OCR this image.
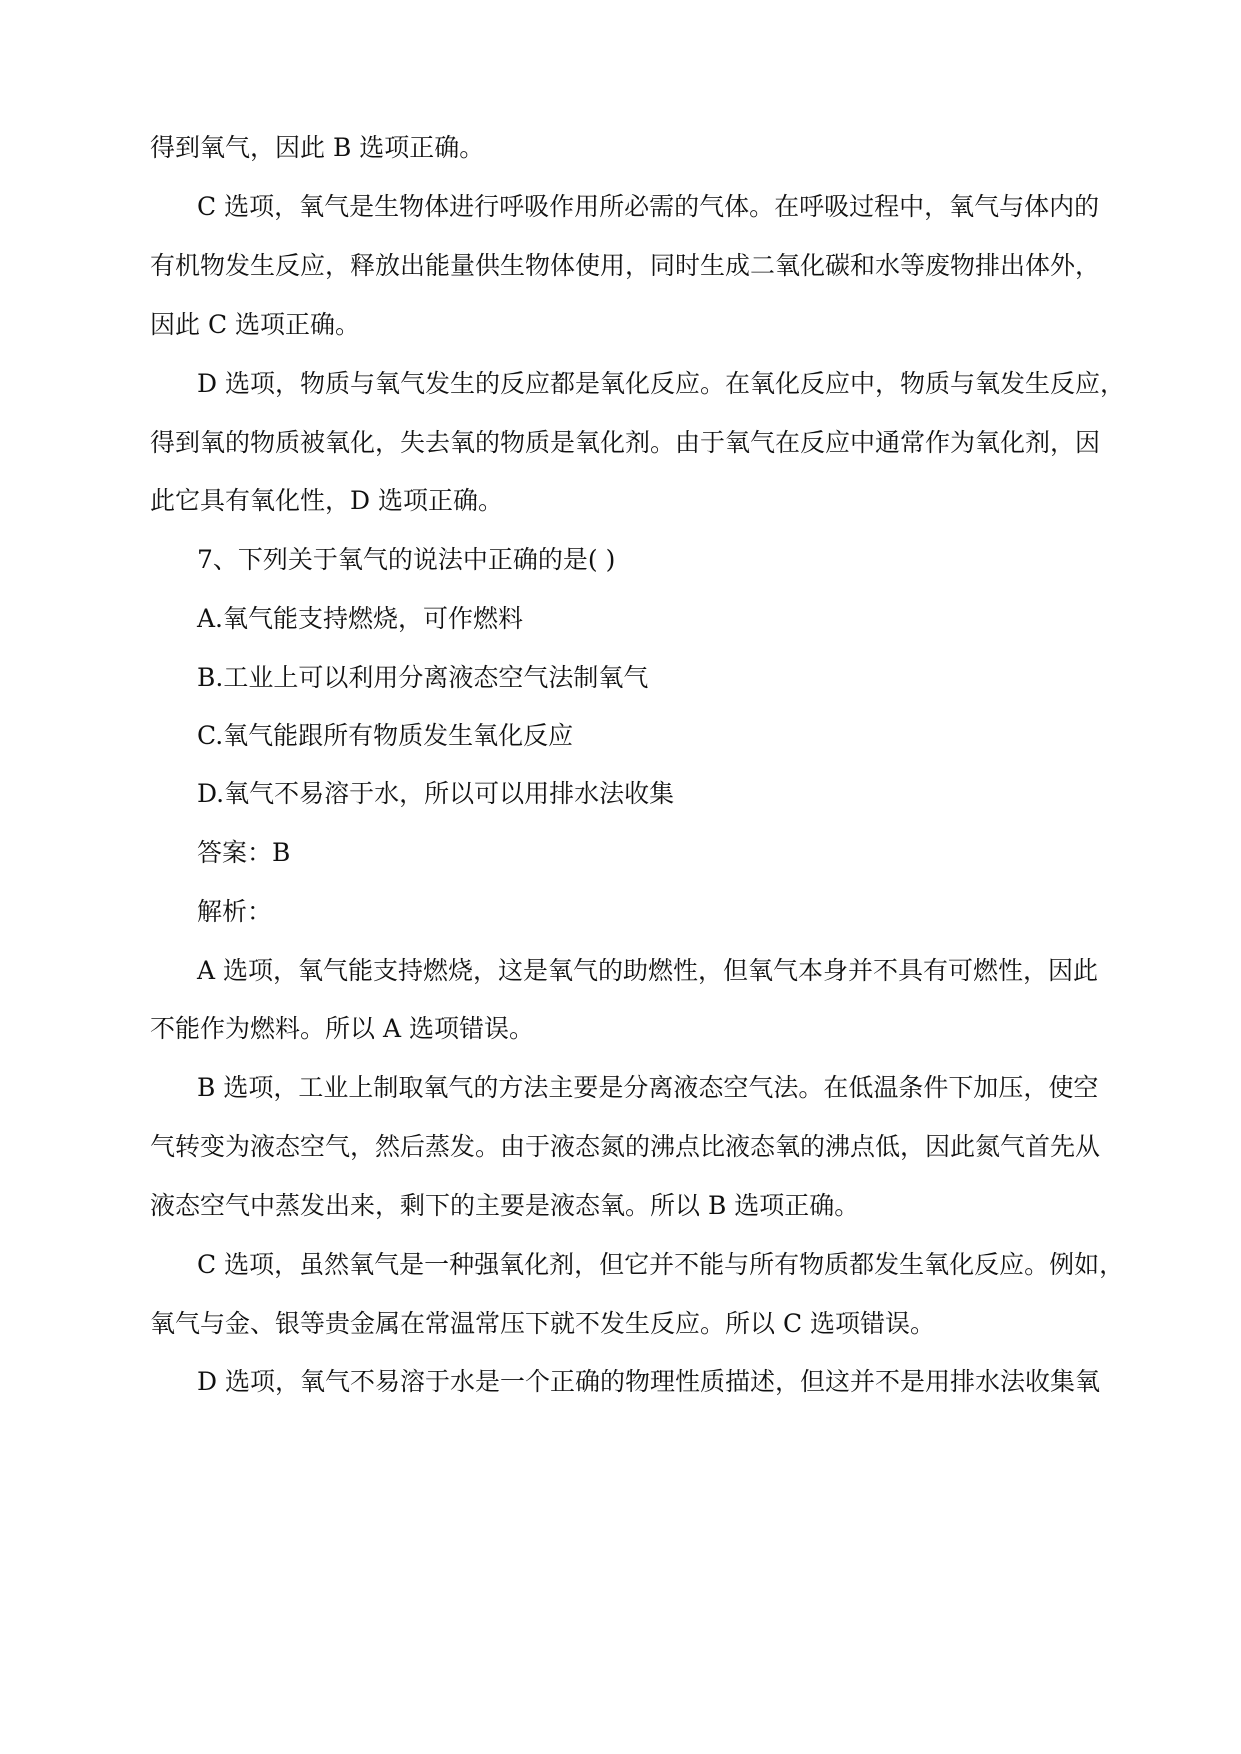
得到氧气，因此 B 选项正确。

C 选项，氧气是生物体进行呼吸作用所必需的气体。在呼吸过程中，氧气与体内的

有机物发生反应，释放出能量供生物体使用，同时生成二氧化碳和水等废物排出体外，

因此 C 选项正确。

D 选项，物质与氧气发生的反应都是氧化反应。在氧化反应中，物质与氧发生反应，

得到氧的物质被氧化，失去氧的物质是氧化剂。由于氧气在反应中通常作为氧化剂，因

此它具有氧化性，D 选项正确。

7、下列关于氧气的说法中正确的是( )

A.氧气能支持燃烧，可作燃料

B.工业上可以利用分离液态空气法制氧气

C.氧气能跟所有物质发生氧化反应

D.氧气不易溶于水，所以可以用排水法收集

答案：B

解析：

A 选项，氧气能支持燃烧，这是氧气的助燃性，但氧气本身并不具有可燃性，因此

不能作为燃料。所以 A 选项错误。

B 选项，工业上制取氧气的方法主要是分离液态空气法。在低温条件下加压，使空

气转变为液态空气，然后蒸发。由于液态氮的沸点比液态氧的沸点低，因此氮气首先从

液态空气中蒸发出来，剩下的主要是液态氧。所以 B 选项正确。

C 选项，虽然氧气是一种强氧化剂，但它并不能与所有物质都发生氧化反应。例如，

氧气与金、银等贵金属在常温常压下就不发生反应。所以 C 选项错误。

D 选项，氧气不易溶于水是一个正确的物理性质描述，但这并不是用排水法收集氧
